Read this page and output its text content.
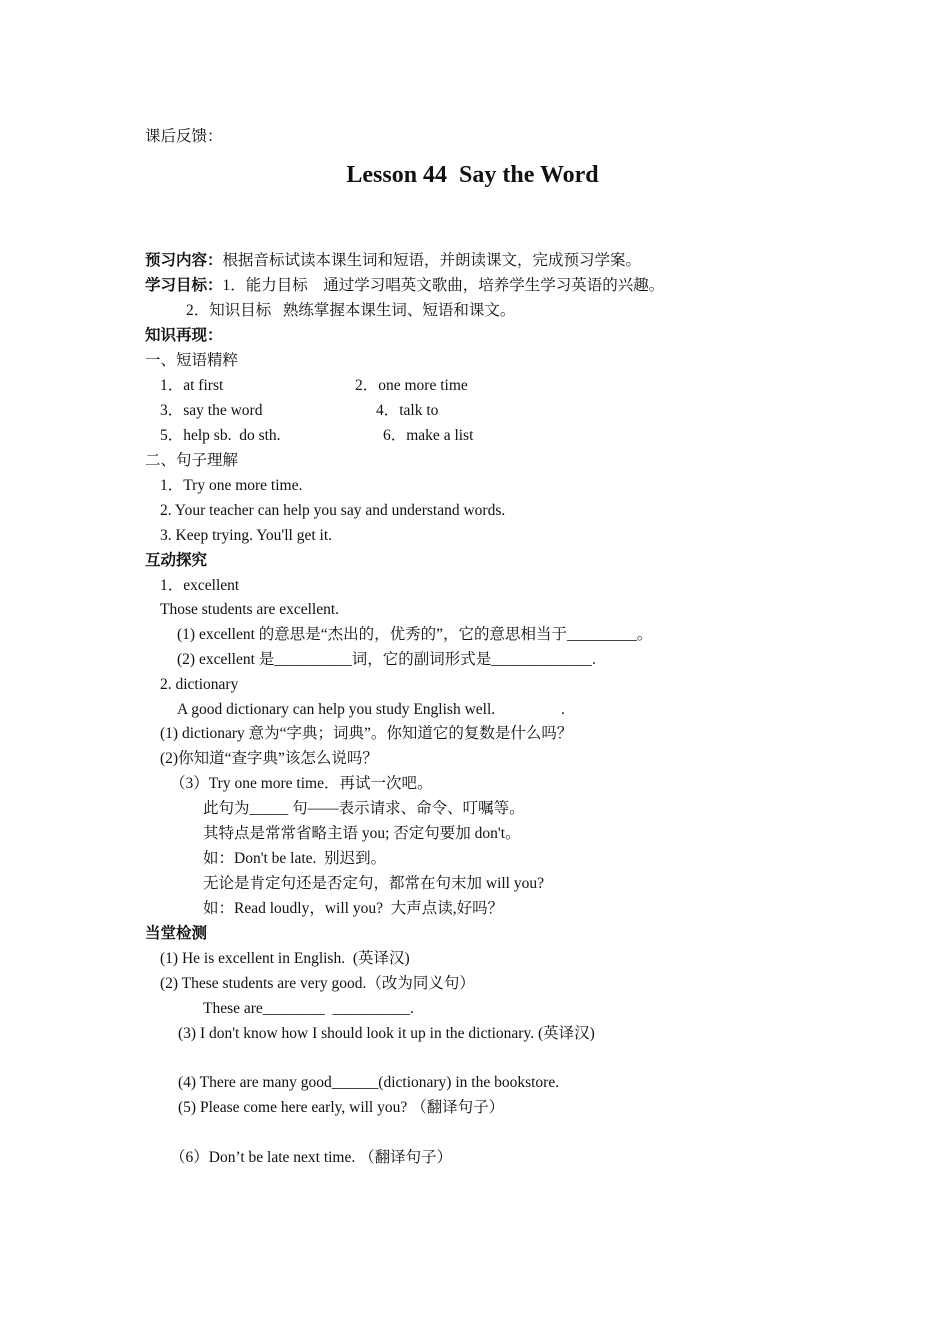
课后反馈：
Lesson 44  Say the Word
预习内容：根据音标试读本课生词和短语，并朗读课文，完成预习学案。
学习目标：1．能力目标    通过学习唱英文歌曲，培养学生学习英语的兴趣。
2．知识目标   熟练掌握本课生词、短语和课文。
知识再现：
一、短语精粹
1．at first	2．one more time
3．say the word	4．talk to
5．help sb.  do sth.	6．make a list
二、句子理解
1．Try one more time.
2. Your teacher can help you say and understand words.
3. Keep trying. You'll get it.
互动探究
1．excellent
Those students are excellent.
(1) excellent 的意思是“杰出的，优秀的”，它的意思相当于_________。
(2) excellent 是__________词，它的副词形式是_____________.
2. dictionary
A good dictionary can help you study English well.                 .
(1) dictionary 意为“字典；词典”。你知道它的复数是什么吗？
(2)你知道“查字典”该怎么说吗？
（3）Try one more time．再试一次吧。
此句为_____ 句——表示请求、命令、叮嘱等。
其特点是常常省略主语 you; 否定句要加 don't。
如：Don't be late.  别迟到。
无论是肯定句还是否定句，都常在句末加 will you?
如：Read loudly，will you?  大声点读,好吗？
当堂检测
(1) He is excellent in English.  (英译汉)
(2) These students are very good.（改为同义句）
These are________  __________.
(3) I don't know how I should look it up in the dictionary. (英译汉)
(4) There are many good______(dictionary) in the bookstore.
(5) Please come here early, will you? （翻译句子）
（6）Don’t be late next time. （翻译句子）
